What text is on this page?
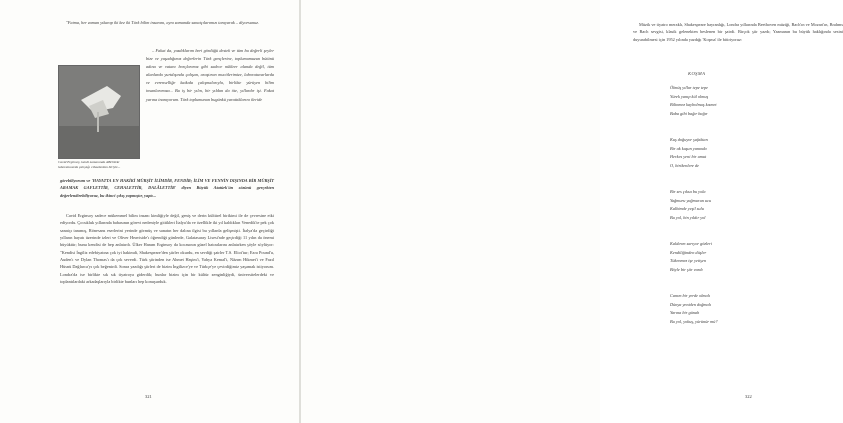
"Fatma, her zaman yıkanıp iki kez iki Türk bilim insanını, aynı zamanda sanatçılarımızı tanıyarak – diyorsunuz.

Cavid Erginsoy, kendi zamanında ABD'deki laboratuvarda çalıştığı cihazlardan biriyle...

– Fakat da, yazdıklarım beri gördüğü destek ve tüm bu değerli şeyler bize ve yaşadığımız değerlerin Türk gençlerine, toplumumuzun bütünü adına ve vatanı borçlarımız gibi sadece nükleer alanda değil, tüm alanlarda yurtdışında çalışan, araştıran mucitlerimize, laboratuvarlarda ve evrenselliğe katkıda çalışmalarıyla, birlikte yürüyen bilim insanlarımıza... Bu iş bir yılın, bir yıldan da öte, yıllardır işi. Fakat yarına inanıyorum. Türk toplumunun bugünkü yarattıklarını ileride

görebiliyorum ve 'HAYATTA EN HAKİKİ MÜRŞİT İLİMDİR, FENDİR; İLİM VE FENNİN DIŞINDA BİR MÜRŞİT ARAMAK GAFLETTİR, CEHALETTİR, DALÂLETTİR' diyen Büyük Atatürk'ün sözünü gerçekten değerlendirebiliyoruz, bu ikinci çıkış yapmıştır, yaptı...

Cavid Erginsoy sadece mükemmel bilim insanı kimliğiyle değil, geniş ve derin kültürel birikimi ile de çevresine etki ediyordu. Çocukluk yıllarında babasının görevi nedeniyle gittikleri İtalya'da ve özellikle iki yıl kaldıkları Venedik'te pek çok sanatçı tanımış, Rönesans eserlerini yerinde görmüş ve sanatın her dalına ilgisi bu yıllarda gelişmişti. İtalya'da geçirdiği yılların hayatı üzerinde izleri ve Oliver Heaviside'ı öğrendiği günlerde, Galatasaray Lisesi'nde geçirdiği 11 yılın da önemi büyüktür; bunu kendisi de hep anlatırdı. Ülker Hanım Erginsoy da kocasının güzel hatıralarını anlatırken şöyle söylüyor: "Kendisi İngiliz edebiyatına çok iyi hakimdi, Shakespeare'den şiirler okurdu, en sevdiği şairler T.S. Eliot'tur; Ezra Pound'u, Auden'ı ve Dylan Thomas'ı da çok severdi. Türk şiirinden ise Ahmet Haşim'i, Yahya Kemal'i, Nâzım Hikmet'i ve Fazıl Hüsnü Dağlarca'yı çok beğenirdi. Sonra yazdığı şiirleri de bizim İngilizce'ye ve Türkçe'ye çevirdiğimiz yaşamak istiyorum. Londra'da ise birlikte sık sık tiyatroya giderdik; bunlar bizim için bir kültür zenginliğiydi, üniversitelerdeki ve toplantılardaki arkadaşlarıyla birlikte bunları hep konuşurduk.

321

Müzik ve tiyatro meraklı, Shakespeare hayranlığı, Londra yıllarında Beethoven müziği, Bach'ın ve Mozart'ın, Brahms ve Bach sevgisi, klasik gelenekten beslenen bir şairdi. Birçok şiir yazdı; Yazmanın bu büyük haklığında sesini duyurabilmesi için 1952 yılında yazdığı 'Koşma' ile bitiriyoruz:

KOŞMA
Ölmüş yıllar tepe tepe
Yürek yanıp kül olmuş
Bilinmez kaybolmuş kısmet
Baba gibi bağır bağır
Kuş doğuyor şafaktan
Bir ak kuşun yanında
Herkes yeni bir umut
O, birikenlere de
Bir ses çıksa bu yola
Yağmuru yağmurun ucu
Kalbimde yeşil sulu
Bu yol, bin yıldır yol
Kaldırım sarıyor gözleri
Kendiliğinden düşler
Tükenmez işe yetişen
Böyle bir şiir vardı
Canım bir yerde olmalı
Dünya yeniden doğmalı
Yarına bir günah
Bu yol, yokuş, yürünür mü?
322
